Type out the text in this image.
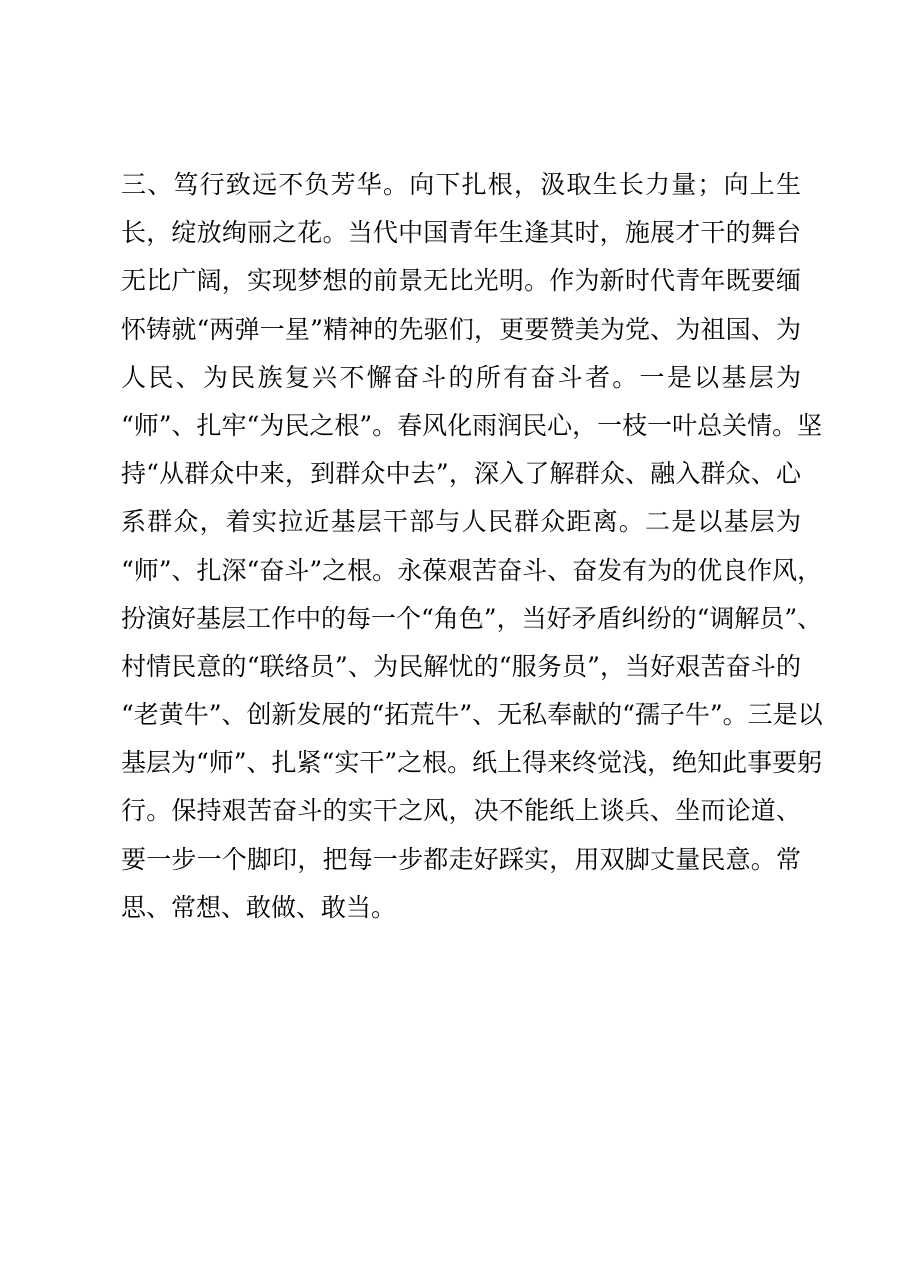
三、笃行致远不负芳华。向下扎根，汲取生长力量；向上生
长，绽放绚丽之花。当代中国青年生逢其时，施展才干的舞台
无比广阔，实现梦想的前景无比光明。作为新时代青年既要缅
怀铸就“两弹一星”精神的先驱们，更要赞美为党、为祖国、为
人民、为民族复兴不懈奋斗的所有奋斗者。一是以基层为
“师”、扎牢“为民之根”。春风化雨润民心，一枝一叶总关情。坚
持“从群众中来，到群众中去”，深入了解群众、融入群众、心
系群众，着实拉近基层干部与人民群众距离。二是以基层为
“师”、扎深“奋斗”之根。永葆艰苦奋斗、奋发有为的优良作风，
扮演好基层工作中的每一个“角色”，当好矛盾纠纷的“调解员”、
村情民意的“联络员”、为民解忧的“服务员”，当好艰苦奋斗的
“老黄牛”、创新发展的“拓荒牛”、无私奉献的“孺子牛”。三是以
基层为“师”、扎紧“实干”之根。纸上得来终觉浅，绝知此事要躬
行。保持艰苦奋斗的实干之风，决不能纸上谈兵、坐而论道、
要一步一个脚印，把每一步都走好踩实，用双脚丈量民意。常
思、常想、敢做、敢当。
